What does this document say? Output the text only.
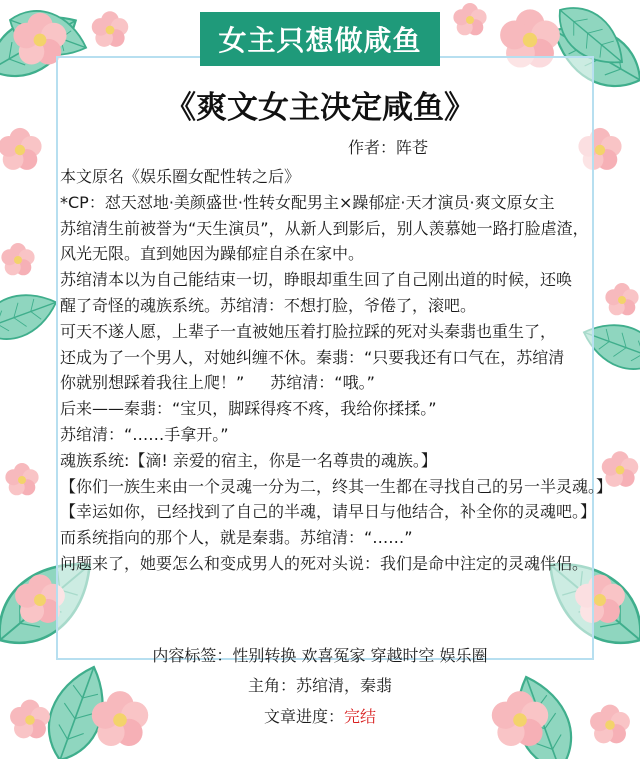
女主只想做咸鱼
《爽文女主决定咸鱼》
作者：阵苍
本文原名《娱乐圈女配性转之后》
*CP：怼天怼地·美颜盛世·性转女配男主×躁郁症·天才演员·爽文原女主
苏绾清生前被誉为“天生演员”，从新人到影后，别人羡慕她一路打脸虐渣，
风光无限。直到她因为躁郁症自杀在家中。
苏绾清本以为自己能结束一切，睁眼却重生回了自己刚出道的时候，还唤
醒了奇怪的魂族系统。苏绾清：不想打脸，爷倦了，滚吧。
可天不遂人愿，上辈子一直被她压着打脸拉踩的死对头秦翡也重生了，
还成为了一个男人，对她纠缠不休。秦翡：“只要我还有口气在，苏绾清
你就别想踩着我往上爬！” 苏绾清：“哦。”
后来——秦翡：“宝贝，脚踩得疼不疼，我给你揉揉。”
苏绾清：“……手拿开。”
魂族系统:【滴! 亲爱的宿主，你是一名尊贵的魂族。】
【你们一族生来由一个灵魂一分为二，终其一生都在寻找自己的另一半灵魂。】
【幸运如你，已经找到了自己的半魂，请早日与他结合，补全你的灵魂吧。】
而系统指向的那个人，就是秦翡。苏绾清：“……”
问题来了，她要怎么和变成男人的死对头说：我们是命中注定的灵魂伴侣。
内容标签：性别转换 欢喜冤家 穿越时空 娱乐圈
主角：苏绾清，秦翡
文章进度：完结
